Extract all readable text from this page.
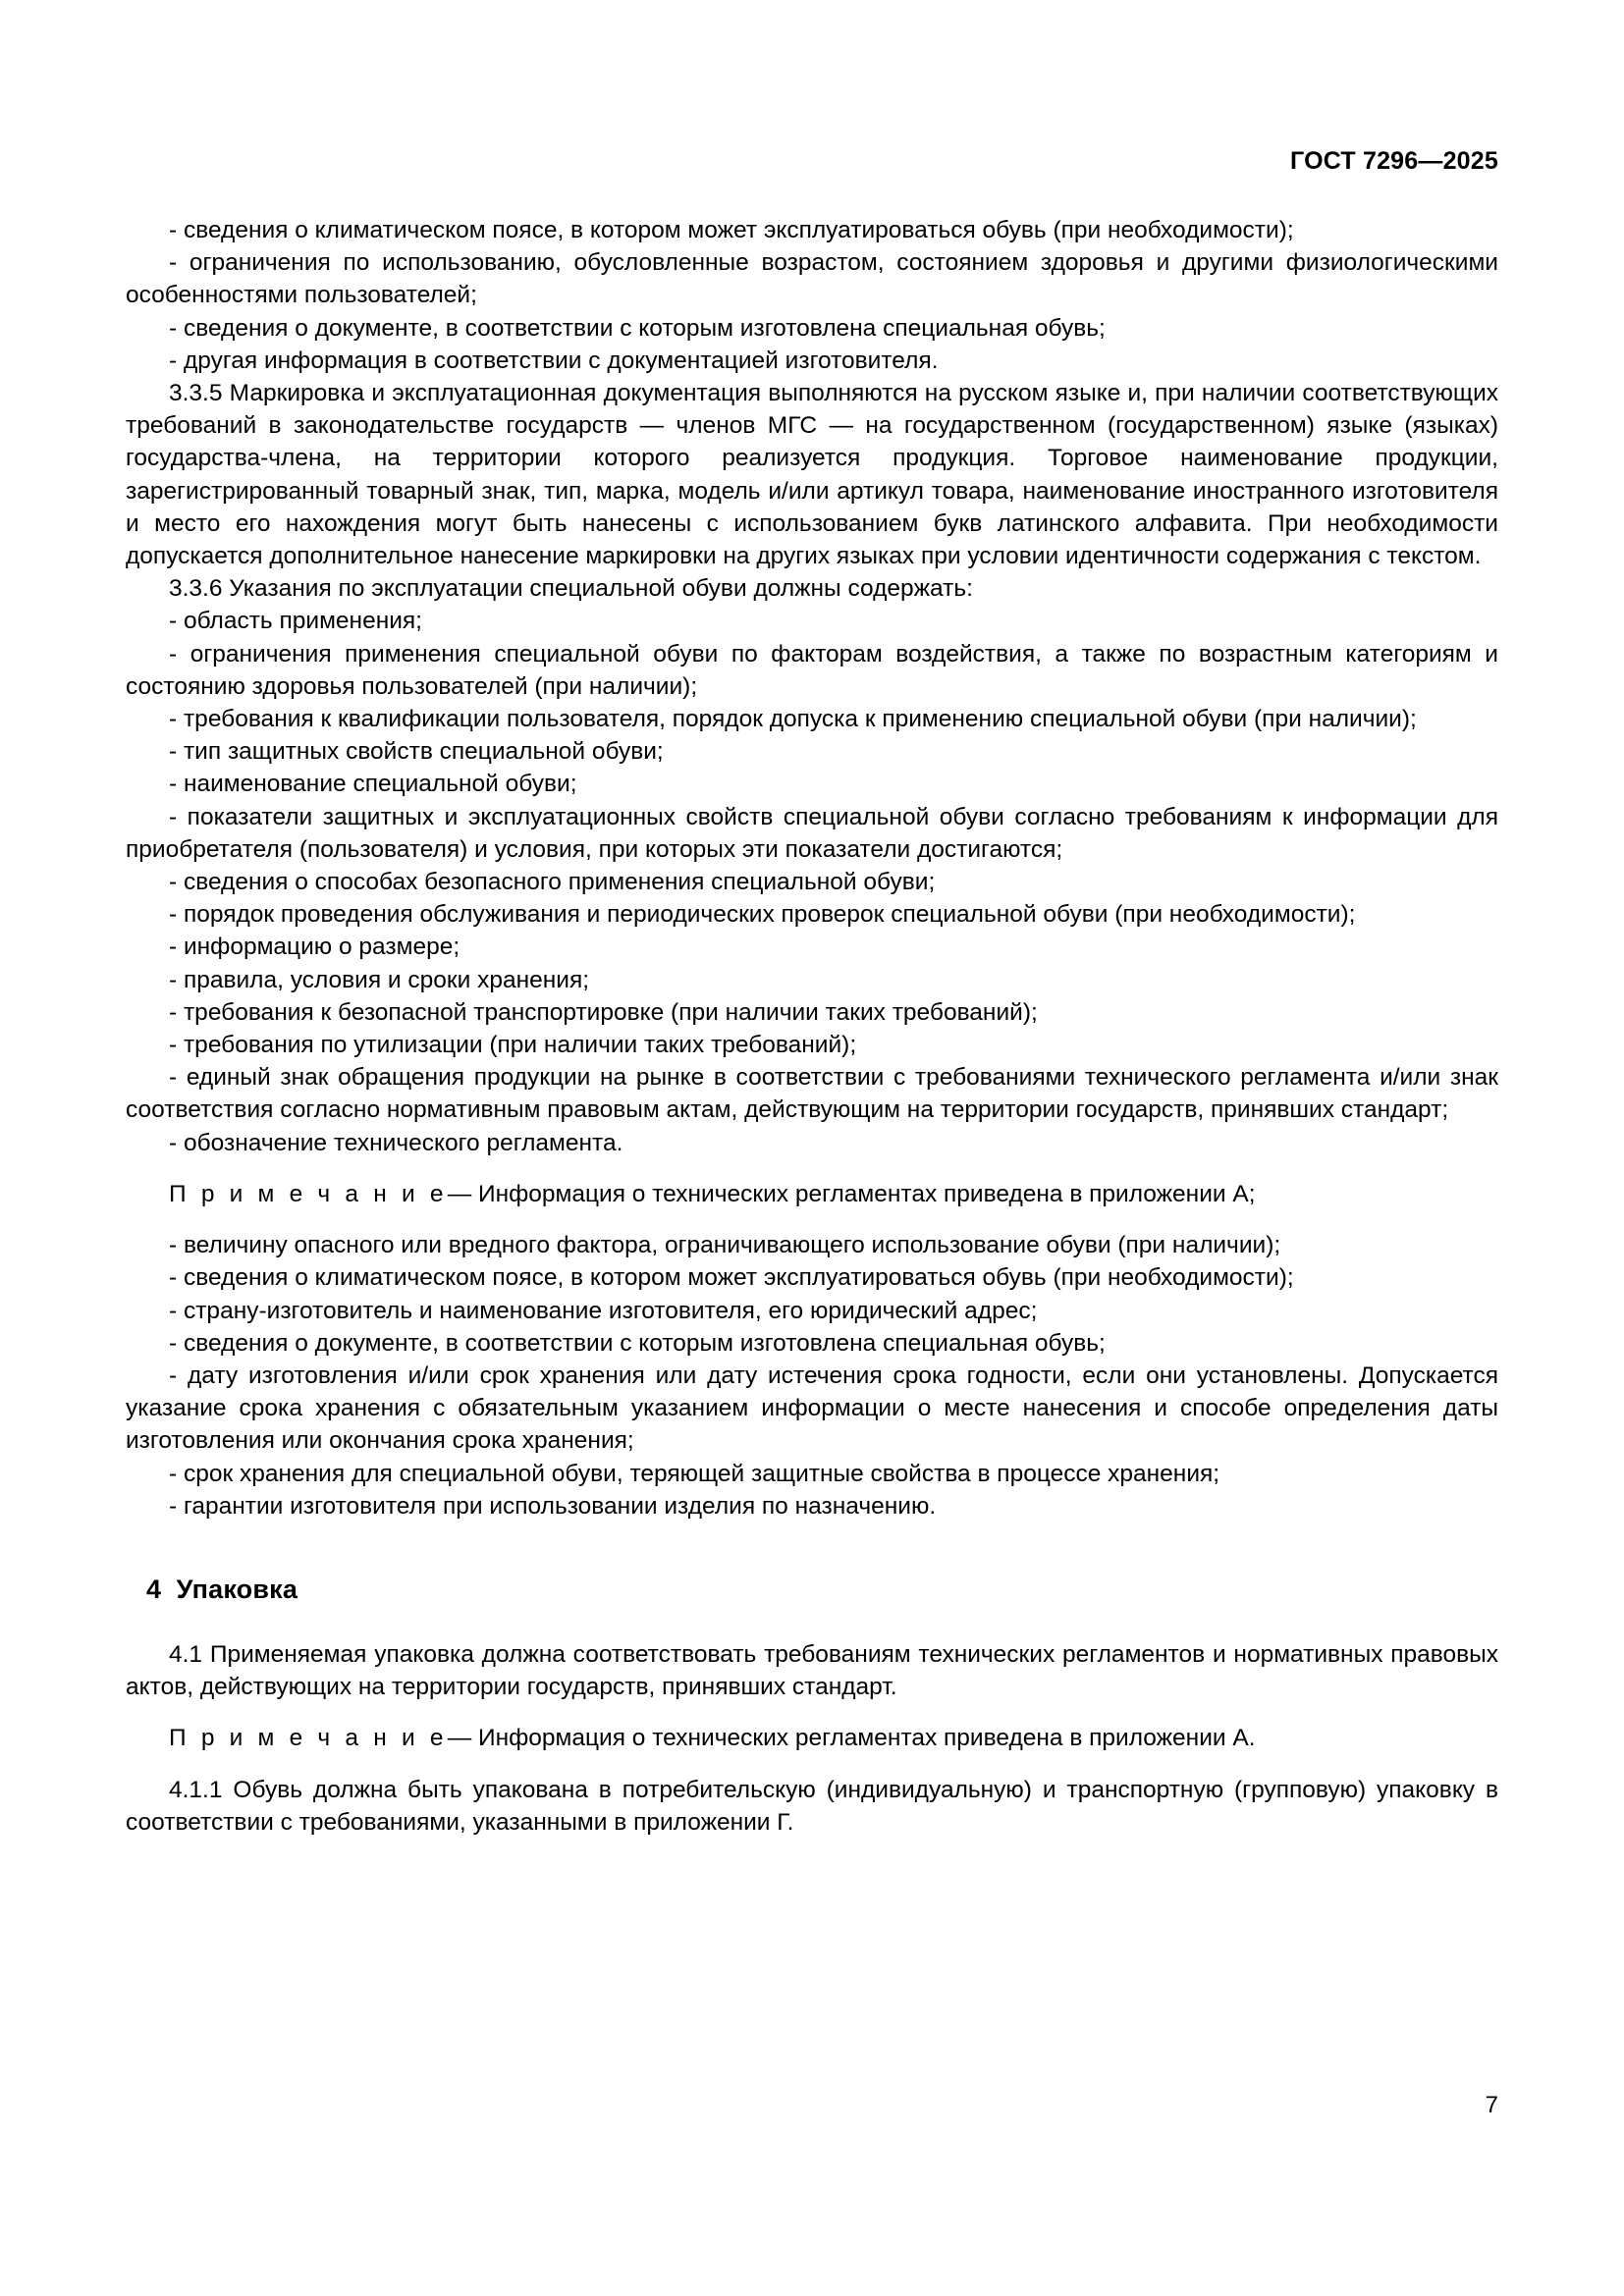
ГОСТ 7296—2025

- сведения о климатическом поясе, в котором может эксплуатироваться обувь (при необходимости);

- ограничения по использованию, обусловленные возрастом, состоянием здоровья и другими физиологическими особенностями пользователей;

- сведения о документе, в соответствии с которым изготовлена специальная обувь;

- другая информация в соответствии с документацией изготовителя.

3.3.5 Маркировка и эксплуатационная документация выполняются на русском языке и, при наличии соответствующих требований в законодательстве государств — членов МГС — на государственном (государственном) языке (языках) государства-члена, на территории которого реализуется продукция. Торговое наименование продукции, зарегистрированный товарный знак, тип, марка, модель и/или артикул товара, наименование иностранного изготовителя и место его нахождения могут быть нанесены с использованием букв латинского алфавита. При необходимости допускается дополнительное нанесение маркировки на других языках при условии идентичности содержания с текстом.

3.3.6 Указания по эксплуатации специальной обуви должны содержать:

- область применения;

- ограничения применения специальной обуви по факторам воздействия, а также по возрастным категориям и состоянию здоровья пользователей (при наличии);

- требования к квалификации пользователя, порядок допуска к применению специальной обуви (при наличии);

- тип защитных свойств специальной обуви;

- наименование специальной обуви;

- показатели защитных и эксплуатационных свойств специальной обуви согласно требованиям к информации для приобретателя (пользователя) и условия, при которых эти показатели достигаются;

- сведения о способах безопасного применения специальной обуви;

- порядок проведения обслуживания и периодических проверок специальной обуви (при необходимости);

- информацию о размере;

- правила, условия и сроки хранения;

- требования к безопасной транспортировке (при наличии таких требований);

- требования по утилизации (при наличии таких требований);

- единый знак обращения продукции на рынке в соответствии с требованиями технического регламента и/или знак соответствия согласно нормативным правовым актам, действующим на территории государств, принявших стандарт;

- обозначение технического регламента.

П р и м е ч а н и е— Информация о технических регламентах приведена в приложении А;

- величину опасного или вредного фактора, ограничивающего использование обуви (при наличии);

- сведения о климатическом поясе, в котором может эксплуатироваться обувь (при необходимости);

- страну-изготовитель и наименование изготовителя, его юридический адрес;

- сведения о документе, в соответствии с которым изготовлена специальная обувь;

- дату изготовления и/или срок хранения или дату истечения срока годности, если они установлены. Допускается указание срока хранения с обязательным указанием информации о месте нанесения и способе определения даты изготовления или окончания срока хранения;

- срок хранения для специальной обуви, теряющей защитные свойства в процессе хранения;

- гарантии изготовителя при использовании изделия по назначению.

4 Упаковка

4.1 Применяемая упаковка должна соответствовать требованиям технических регламентов и нормативных правовых актов, действующих на территории государств, принявших стандарт.

П р и м е ч а н и е— Информация о технических регламентах приведена в приложении А.

4.1.1 Обувь должна быть упакована в потребительскую (индивидуальную) и транспортную (групповую) упаковку в соответствии с требованиями, указанными в приложении Г.

7
